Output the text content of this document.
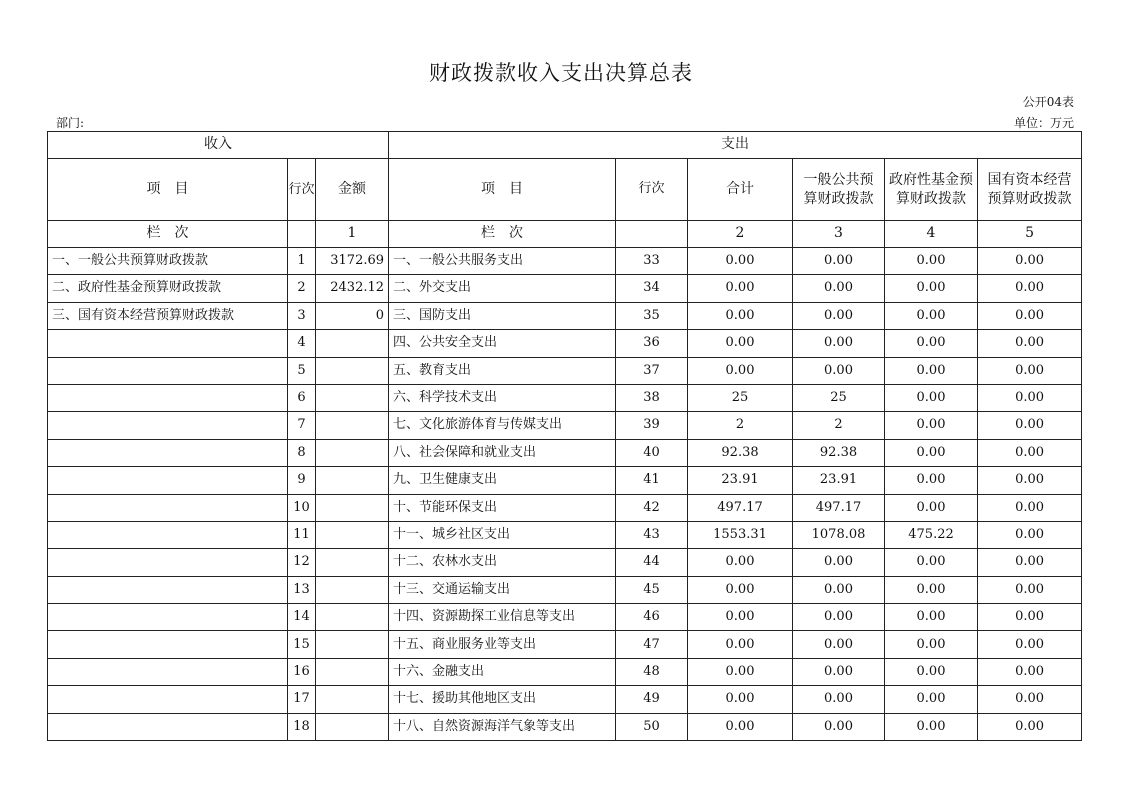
财政拨款收入支出决算总表
公开04表
部门:	单位：万元
收入			支出					
项　目	行次	金额	项　目	行次	合计	一般公共预算财政拨款	政府性基金预算财政拨款	国有资本经营预算财政拨款
栏　次		1	栏　次		2	3	4	5
一、一般公共预算财政拨款	1	3172.69	一、一般公共服务支出	33	0.00	0.00	0.00	0.00
二、政府性基金预算财政拨款	2	2432.12	二、外交支出	34	0.00	0.00	0.00	0.00
三、国有资本经营预算财政拨款	3	0	三、国防支出	35	0.00	0.00	0.00	0.00
	4		四、公共安全支出	36	0.00	0.00	0.00	0.00
	5		五、教育支出	37	0.00	0.00	0.00	0.00
	6		六、科学技术支出	38	25	25	0.00	0.00
	7		七、文化旅游体育与传媒支出	39	2	2	0.00	0.00
	8		八、社会保障和就业支出	40	92.38	92.38	0.00	0.00
	9		九、卫生健康支出	41	23.91	23.91	0.00	0.00
	10		十、节能环保支出	42	497.17	497.17	0.00	0.00
	11		十一、城乡社区支出	43	1553.31	1078.08	475.22	0.00
	12		十二、农林水支出	44	0.00	0.00	0.00	0.00
	13		十三、交通运输支出	45	0.00	0.00	0.00	0.00
	14		十四、资源勘探工业信息等支出	46	0.00	0.00	0.00	0.00
	15		十五、商业服务业等支出	47	0.00	0.00	0.00	0.00
	16		十六、金融支出	48	0.00	0.00	0.00	0.00
	17		十七、援助其他地区支出	49	0.00	0.00	0.00	0.00
	18		十八、自然资源海洋气象等支出	50	0.00	0.00	0.00	0.00
